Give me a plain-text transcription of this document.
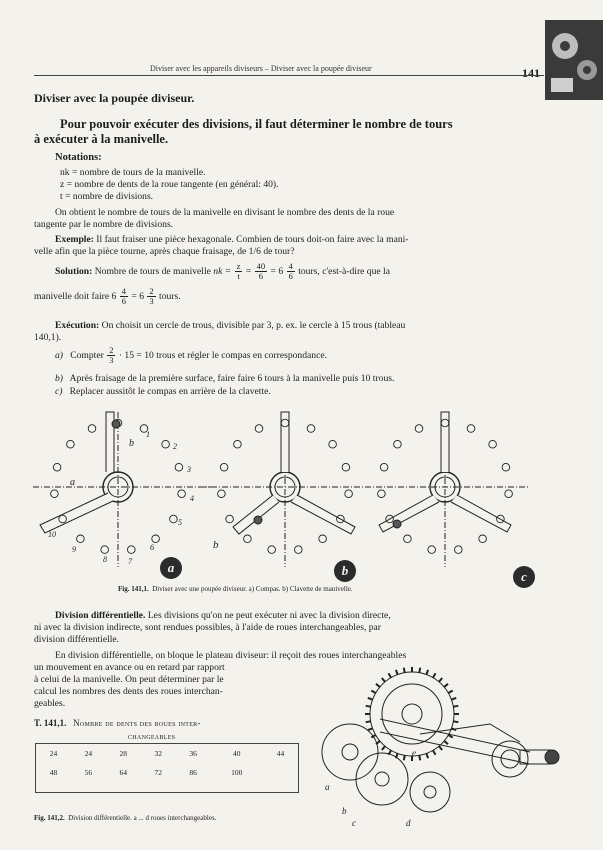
Diviser avec les appareils diviseurs – Diviser avec la poupée diviseur	141
Diviser avec la poupée diviseur.
Pour pouvoir exécuter des divisions, il faut déterminer le nombre de tours
à exécuter à la manivelle.
Notations:
nk = nombre de tours de la manivelle.
z = nombre de dents de la roue tangente (en général: 40).
t = nombre de divisions.
On obtient le nombre de tours de la manivelle en divisant le nombre des dents de la roue
tangente par le nombre de divisions.
Exemple: Il faut fraiser une pièce hexagonale. Combien de tours doit-on faire avec la mani-
velle afin que la pièce tourne, après chaque fraisage, de 1/6 de tour?
Solution: Nombre de tours de manivelle nk = $\frac{z}{t} = \frac{40}{6} = 6 \frac{4}{6}$ tours, c'est-à-dire que la
manivelle doit faire $6 \frac{4}{6} = 6 \frac{2}{3}$ tours.
Exécution: On choisit un cercle de trous, divisible par 3, p. ex. le cercle à 15 trous (tableau
140,1).
a) Compter $\frac{2}{3} \cdot 15 = 10$ trous et régler le compas en correspondance.
b) Après fraisage de la première surface, faire faire 6 tours à la manivelle puis 10 trous.
c) Replacer aussitôt le compas en arrière de la clavette.
b
1
2
3
4
5
6
7
8
9
10
a
b
Fig. 141,1. Diviser avec une poupée diviseur. a) Compas. b) Clavette de manivelle.
a	b	c
Division différentielle. Les divisions qu'on ne peut exécuter ni avec la division directe,
ni avec la division indirecte, sont rendues possibles, à l'aide de roues interchangeables, par
division différentielle.
En division différentielle, on bloque le plateau diviseur: il reçoit des roues interchangeables
un mouvement en avance ou en retard par rapport
à celui de la manivelle. On peut déterminer par le
calcul les nombres des dents des roues interchan-
geables.
T. 141,1. Nombre de dents des roues inter-
changeables
24	24	28	32	36	40	44
48	56	64	72	86	100	
a
b
c	d
e
Fig. 141,2. Division différentielle. a ... d roues interchangeables.
